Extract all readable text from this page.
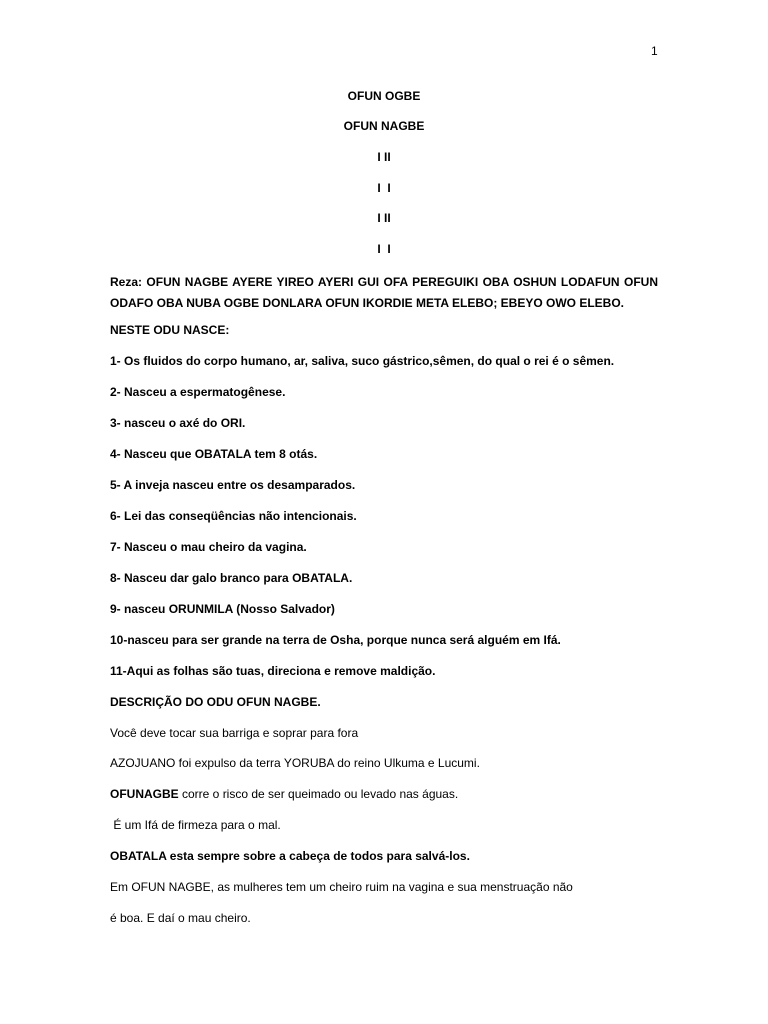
1
OFUN OGBE
OFUN NAGBE
I II
I  I
I II
I  I
Reza: OFUN NAGBE AYERE YIREO AYERI GUI OFA PEREGUIKI OBA OSHUN LODAFUN OFUN ODAFO OBA NUBA OGBE DONLARA OFUN IKORDIE META ELEBO; EBEYO OWO ELEBO.
NESTE ODU NASCE:
1- Os fluidos do corpo humano, ar, saliva, suco gástrico,sêmen, do qual o rei é o sêmen.
2- Nasceu a espermatogênese.
3- nasceu o axé do ORI.
4- Nasceu que OBATALA tem 8 otás.
5- A inveja nasceu entre os desamparados.
6- Lei das conseqüências não intencionais.
7- Nasceu o mau cheiro da vagina.
8- Nasceu dar galo branco para OBATALA.
9- nasceu ORUNMILA (Nosso Salvador)
10-nasceu para ser grande na terra de Osha, porque nunca será alguém em Ifá.
11-Aqui as folhas são tuas, direciona e remove maldição.
DESCRIÇÃO DO ODU OFUN NAGBE.
Você deve tocar sua barriga e soprar para fora
AZOJUANO foi expulso da terra YORUBA do reino Ulkuma e Lucumi.
OFUNAGBE corre o risco de ser queimado ou levado nas águas.
É um Ifá de firmeza para o mal.
OBATALA esta sempre sobre a cabeça de todos para salvá-los.
Em OFUN NAGBE, as mulheres tem um cheiro ruim na vagina e sua menstruação não
é boa. E daí o mau cheiro.
